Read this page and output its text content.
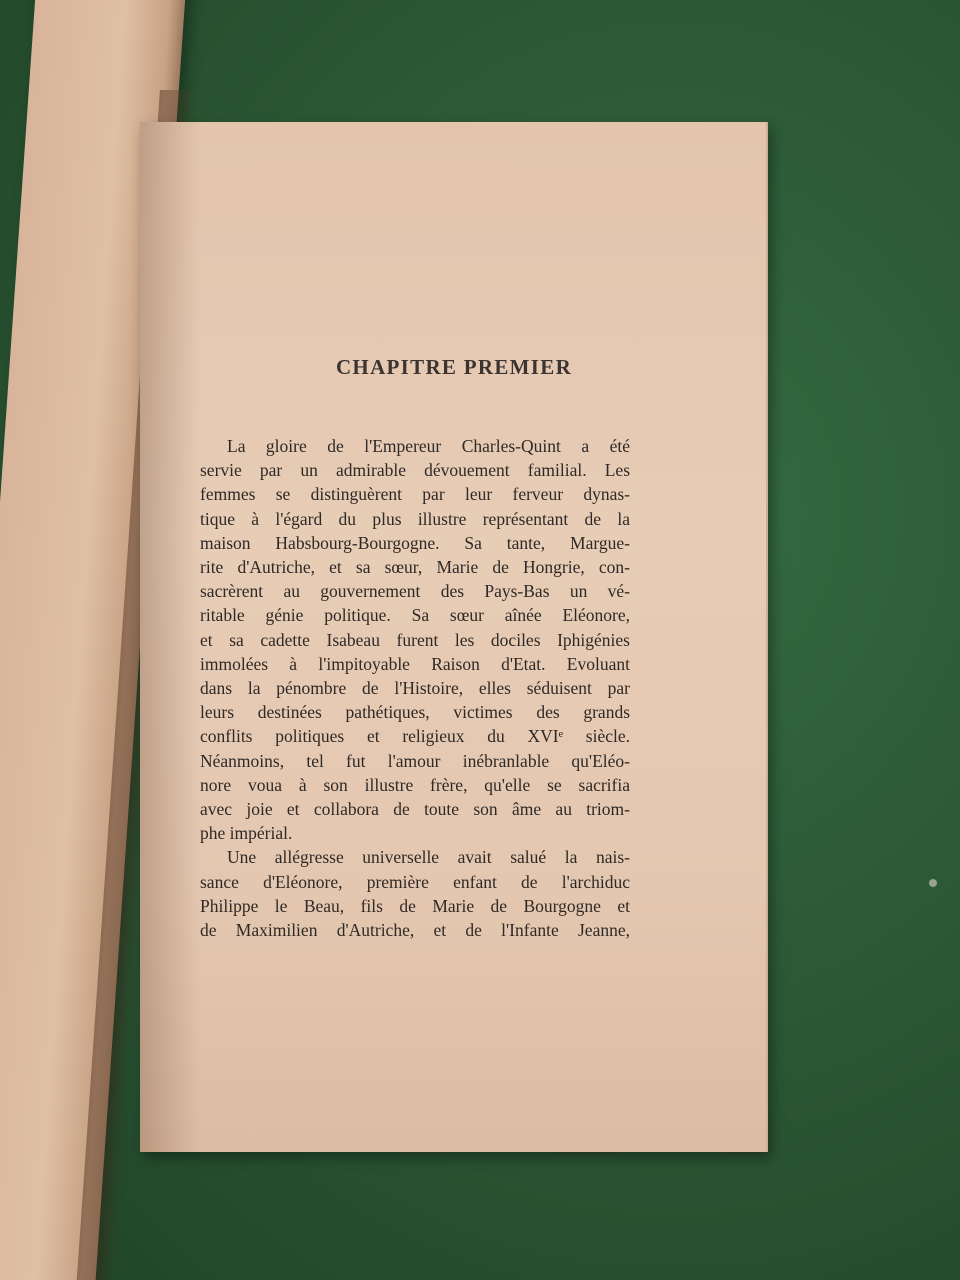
CHAPITRE PREMIER
La gloire de l'Empereur Charles-Quint a été
servie par un admirable dévouement familial. Les
femmes se distinguèrent par leur ferveur dynas-
tique à l'égard du plus illustre représentant de la
maison Habsbourg-Bourgogne. Sa tante, Margue-
rite d'Autriche, et sa sœur, Marie de Hongrie, con-
sacrèrent au gouvernement des Pays-Bas un vé-
ritable génie politique. Sa sœur aînée Eléonore,
et sa cadette Isabeau furent les dociles Iphigénies
immolées à l'impitoyable Raison d'Etat. Evoluant
dans la pénombre de l'Histoire, elles séduisent par
leurs destinées pathétiques, victimes des grands
conflits politiques et religieux du XVIᵉ siècle.
Néanmoins, tel fut l'amour inébranlable qu'Eléo-
nore voua à son illustre frère, qu'elle se sacrifia
avec joie et collabora de toute son âme au triom-
phe impérial.
Une allégresse universelle avait salué la nais-
sance d'Eléonore, première enfant de l'archiduc
Philippe le Beau, fils de Marie de Bourgogne et
de Maximilien d'Autriche, et de l'Infante Jeanne,
